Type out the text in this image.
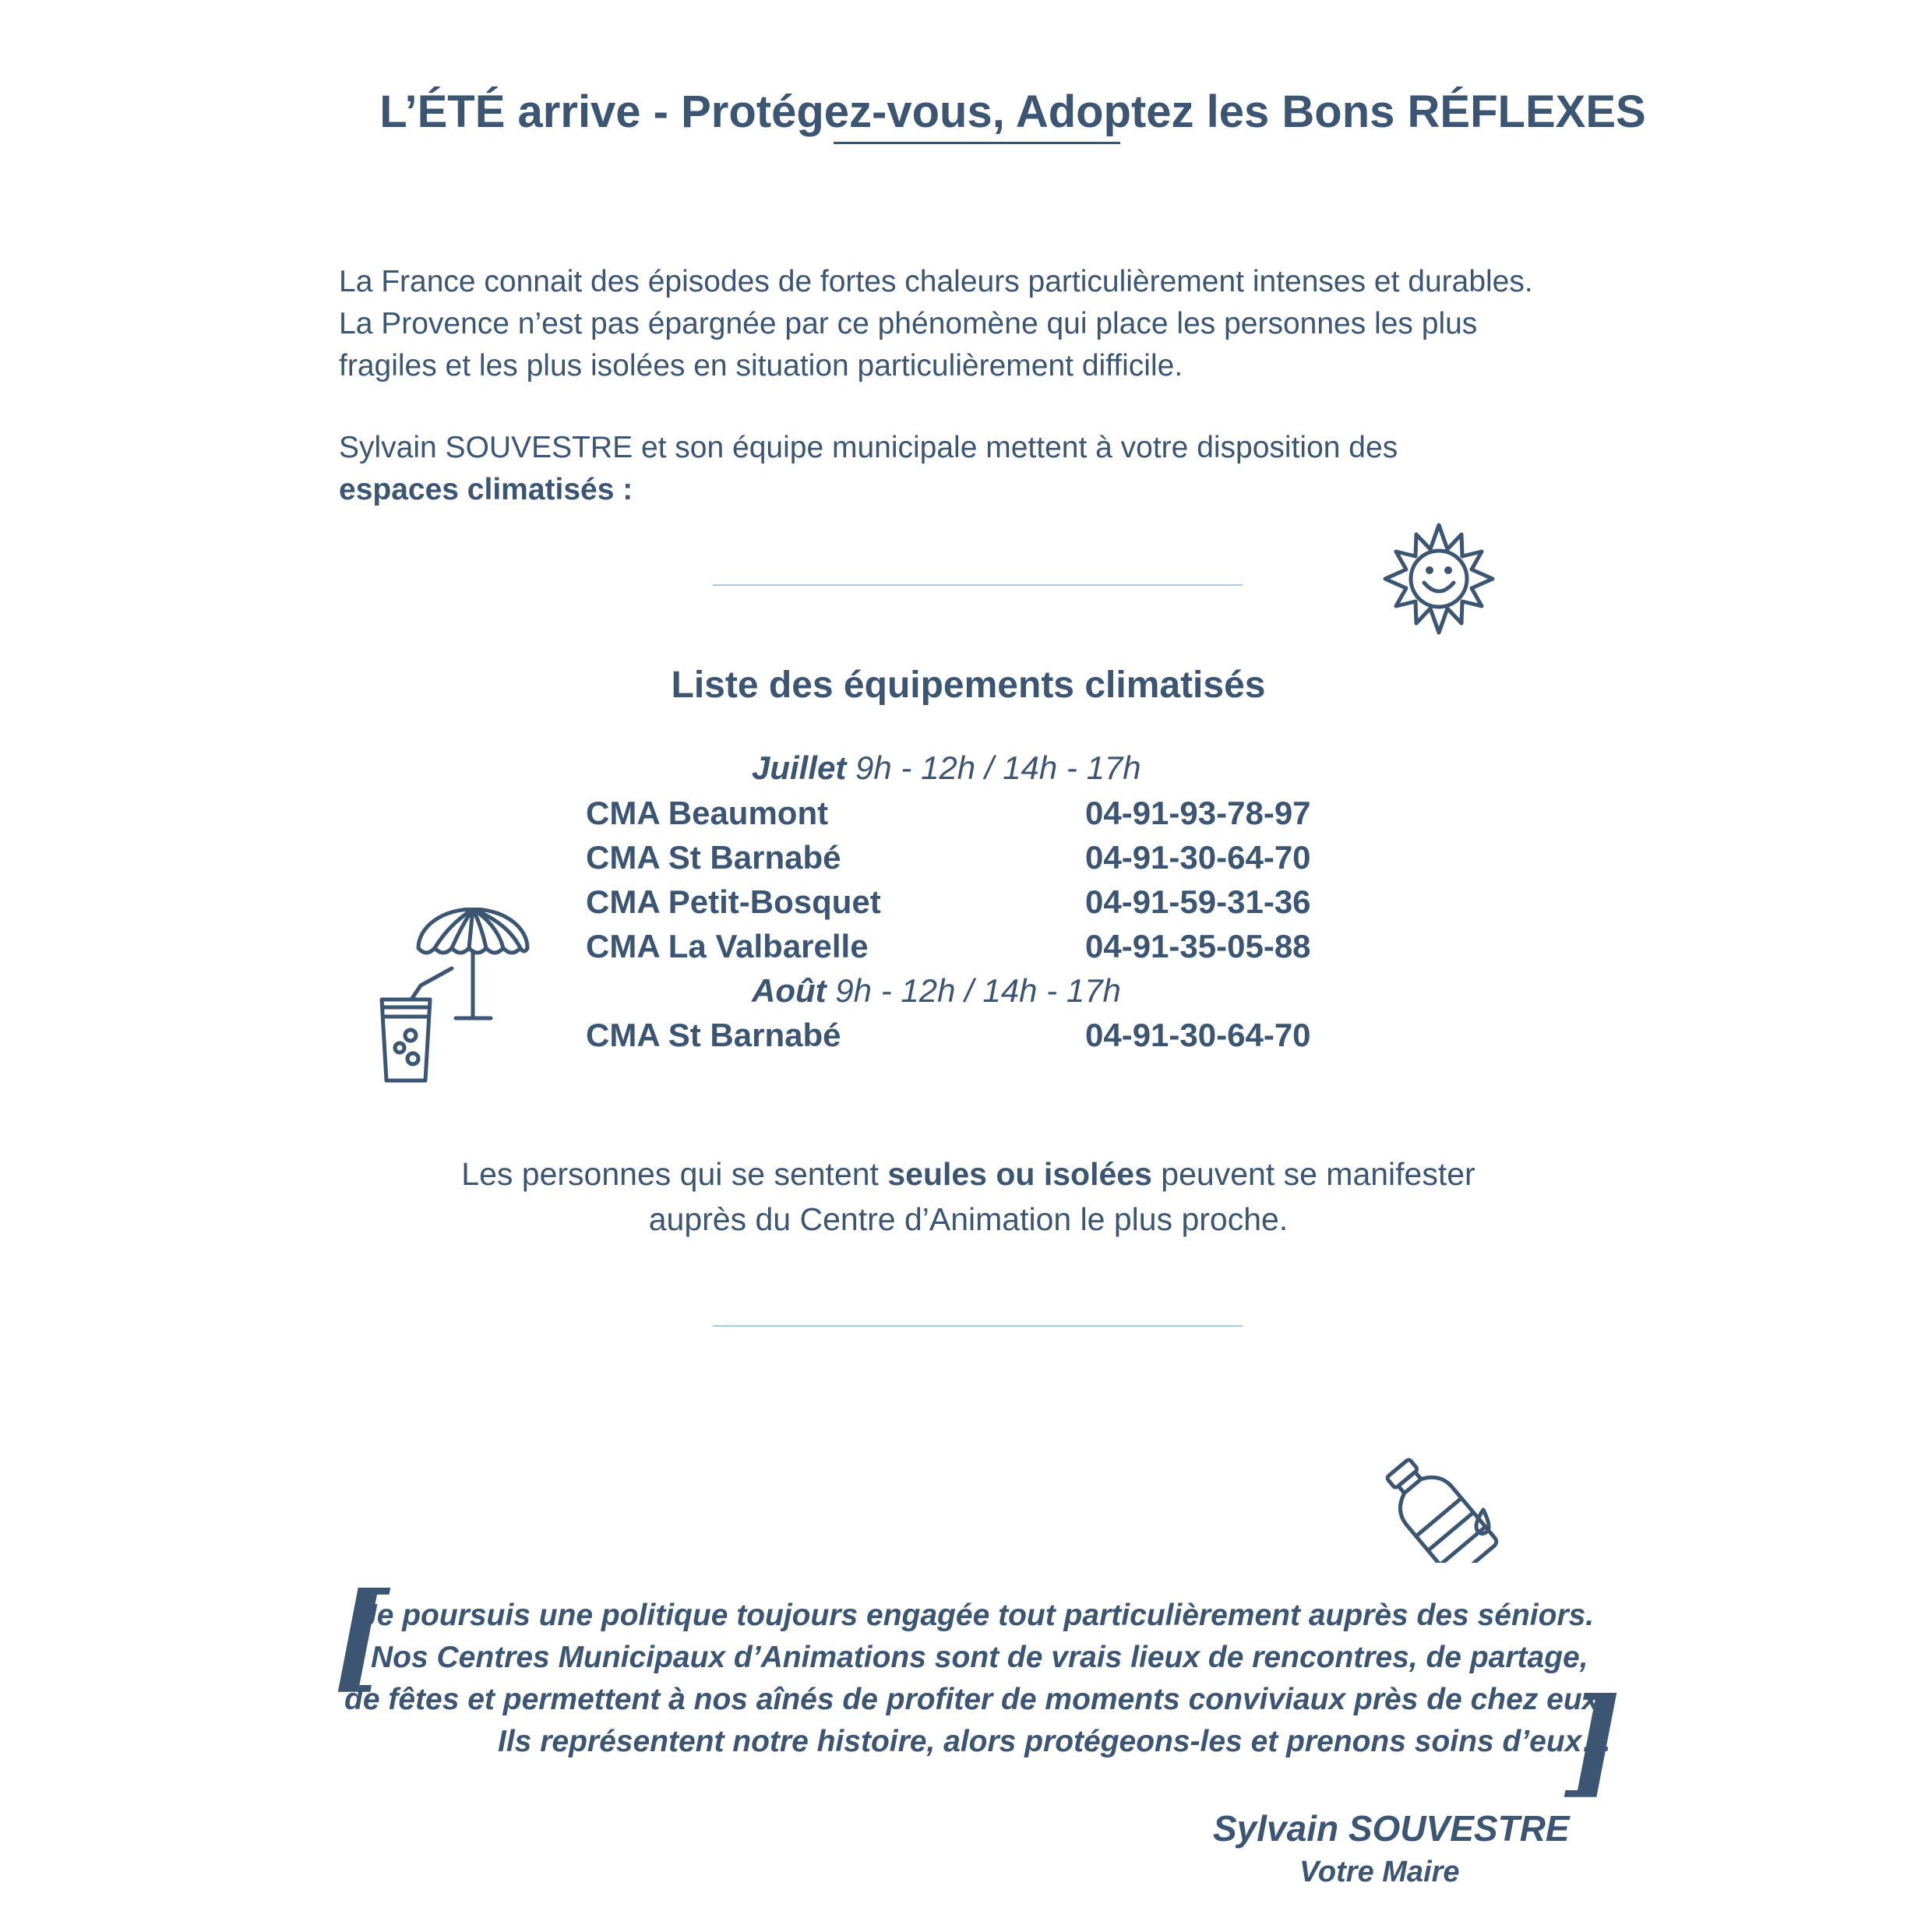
L’ÉTÉ arrive - Protégez-vous, Adoptez les Bons RÉFLEXES

La France connait des épisodes de fortes chaleurs particulièrement intenses et durables.

La Provence n’est pas épargnée par ce phénomène qui place les personnes les plus

fragiles et les plus isolées en situation particulièrement difficile.

Sylvain SOUVESTRE et son équipe municipale mettent à votre disposition des

espaces climatisés :

Liste des équipements climatisés
Juillet 9h - 12h / 14h - 17h
CMA Beaumont	04-91-93-78-97
CMA St Barnabé	04-91-30-64-70
CMA Petit-Bosquet	04-91-59-31-36
CMA La Valbarelle	04-91-35-05-88
Août 9h - 12h / 14h - 17h
CMA St Barnabé	04-91-30-64-70

Les personnes qui se sentent seules ou isolées peuvent se manifester

auprès du Centre d’Animation le plus proche.

[
]
Je poursuis une politique toujours engagée tout particulièrement auprès des séniors.
Nos Centres Municipaux d’Animations sont de vrais lieux de rencontres, de partage,
de fêtes et permettent à nos aînés de profiter de moments conviviaux près de chez eux.
Ils représentent notre histoire, alors protégeons-les et prenons soins d’eux…
Sylvain SOUVESTRE
Votre Maire
